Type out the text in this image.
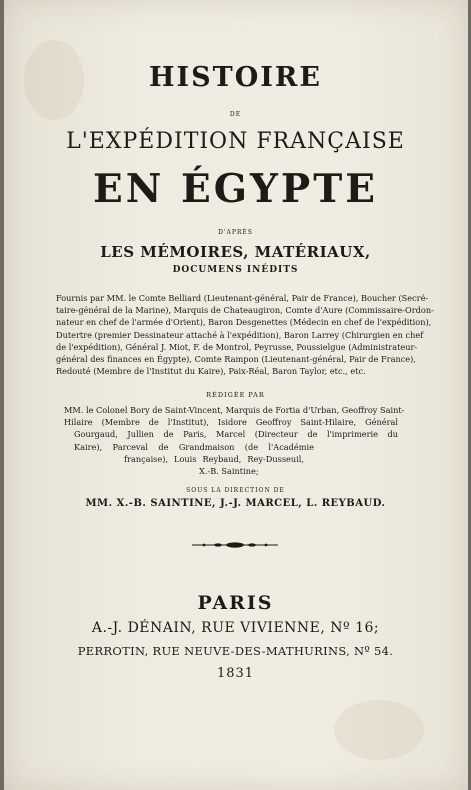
HISTOIRE
DE
L'EXPÉDITION FRANÇAISE
EN ÉGYPTE
D'APRÈS
LES MÉMOIRES, MATÉRIAUX,
DOCUMENS INÉDITS
Fournis par MM. le Comte Belliard (Lieutenant-général, Pair de France), Boucher (Secré-
taire-général de la Marine), Marquis de Chateaugiron, Comte d'Aure (Commissaire-Ordon-
nateur en chef de l'armée d'Orient), Baron Desgenettes (Médecin en chef de l'expédition),
Dutertre (premier Dessinateur attaché à l'expédition), Baron Larrey (Chirurgien en chef
de l'expédition), Général J. Miot, F. de Montrol, Peyrusse, Poussielgue (Administrateur-
général des finances en Égypte), Comte Rampon (Lieutenant-général, Pair de France),
Redouté (Membre de l'Institut du Kaire), Paix-Réal, Baron Taylor, etc., etc.
RÉDIGÉE PAR
MM. le Colonel Bory de Saint-Vincent, Marquis de Fortia d'Urban, Geoffroy Saint-
Hilaire (Membre de l'Institut), Isidore Geoffroy Saint-Hilaire, Général
Gourgaud, Jullien de Paris, Marcel (Directeur de l'imprimerie du
Kaire), Parceval de Grandmaison (de l'Académie
française), Louis Reybaud, Rey-Dusseuil,
X.-B. Saintine;
SOUS LA DIRECTION DE
MM. X.-B. SAINTINE, J.-J. MARCEL, L. REYBAUD.
PARIS
A.-J. DÉNAIN, RUE VIVIENNE, Nº 16;
PERROTIN, RUE NEUVE-DES-MATHURINS, Nº 54.
1831
